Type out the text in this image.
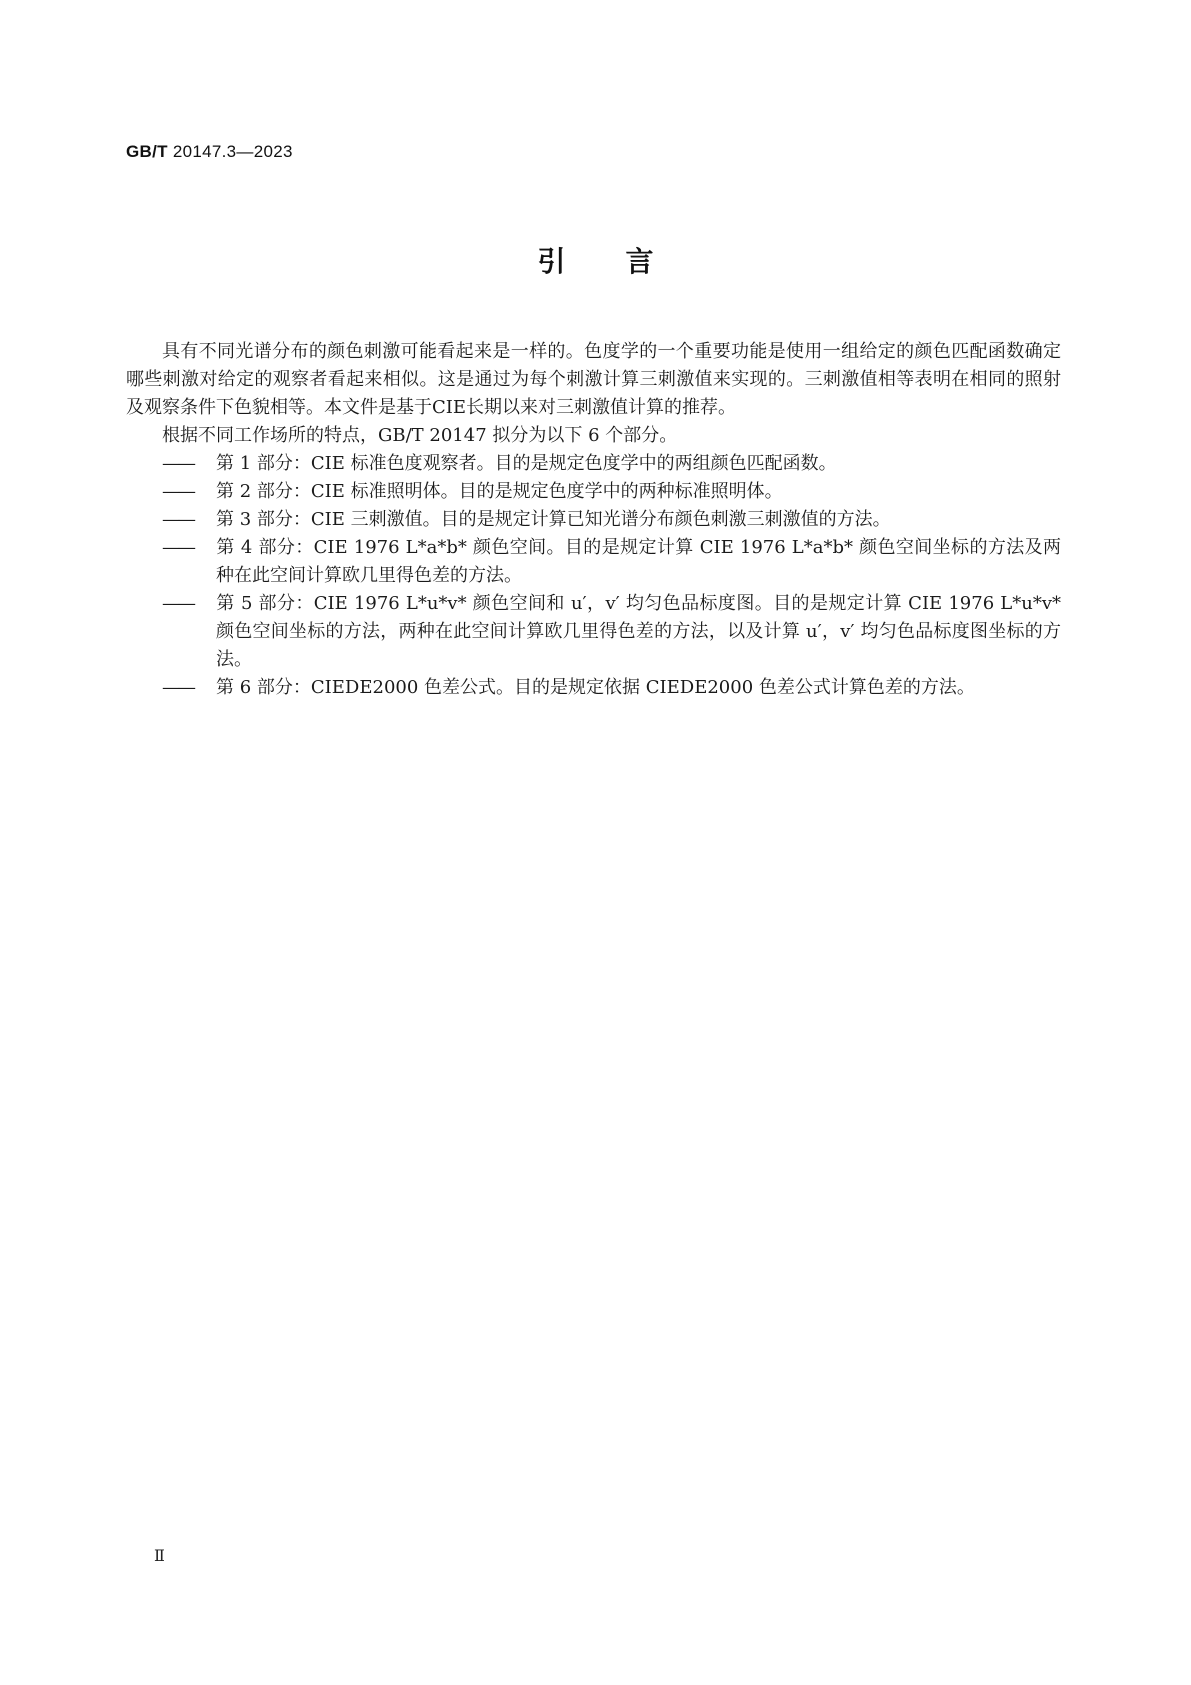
GB/T 20147.3—2023
引言

具有不同光谱分布的颜色刺激可能看起来是一样的。色度学的一个重要功能是使用一组给定的颜色匹配函数确定哪些刺激对给定的观察者看起来相似。这是通过为每个刺激计算三刺激值来实现的。三刺激值相等表明在相同的照射及观察条件下色貌相等。本文件是基于CIE长期以来对三刺激值计算的推荐。

根据不同工作场所的特点，GB/T 20147 拟分为以下 6 个部分。

—— 第 1 部分：CIE 标准色度观察者。目的是规定色度学中的两组颜色匹配函数。

—— 第 2 部分：CIE 标准照明体。目的是规定色度学中的两种标准照明体。

—— 第 3 部分：CIE 三刺激值。目的是规定计算已知光谱分布颜色刺激三刺激值的方法。

—— 第 4 部分：CIE 1976 L*a*b* 颜色空间。目的是规定计算 CIE 1976 L*a*b* 颜色空间坐标的方法及两种在此空间计算欧几里得色差的方法。

—— 第 5 部分：CIE 1976 L*u*v* 颜色空间和 u′，v′ 均匀色品标度图。目的是规定计算 CIE 1976 L*u*v* 颜色空间坐标的方法，两种在此空间计算欧几里得色差的方法，以及计算 u′，v′ 均匀色品标度图坐标的方法。

—— 第 6 部分：CIEDE2000 色差公式。目的是规定依据 CIEDE2000 色差公式计算色差的方法。

Ⅱ
